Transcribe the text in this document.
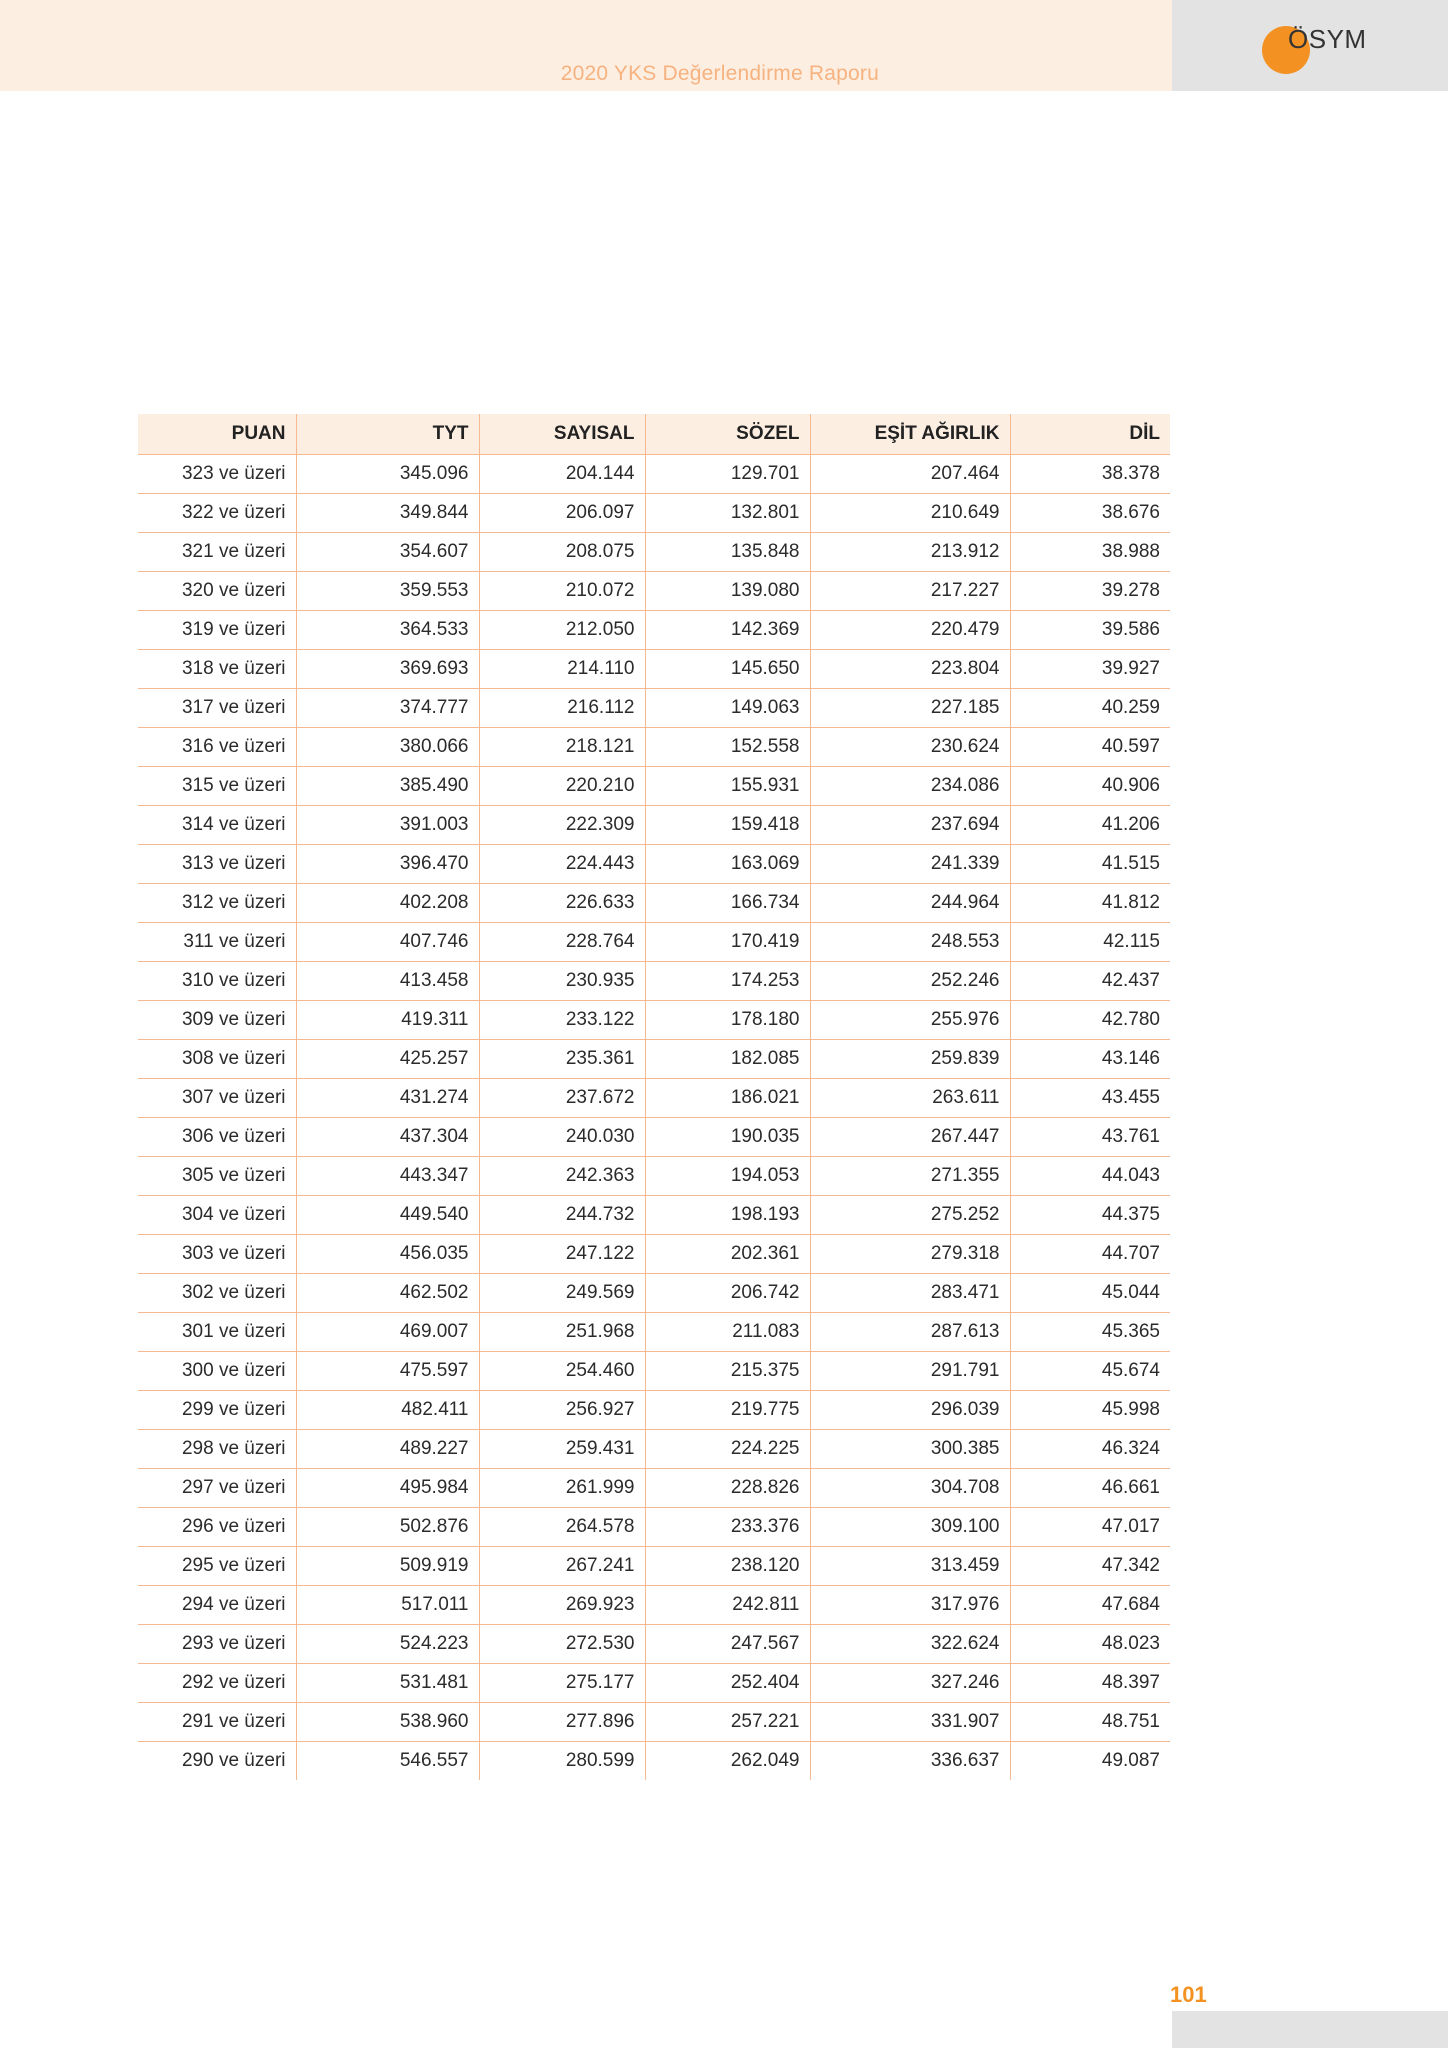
2020 YKS Değerlendirme Raporu
ÖSYM
PUAN	TYT	SAYISAL	SÖZEL	EŞİT AĞIRLIK	DİL
323 ve üzeri	345.096	204.144	129.701	207.464	38.378
322 ve üzeri	349.844	206.097	132.801	210.649	38.676
321 ve üzeri	354.607	208.075	135.848	213.912	38.988
320 ve üzeri	359.553	210.072	139.080	217.227	39.278
319 ve üzeri	364.533	212.050	142.369	220.479	39.586
318 ve üzeri	369.693	214.110	145.650	223.804	39.927
317 ve üzeri	374.777	216.112	149.063	227.185	40.259
316 ve üzeri	380.066	218.121	152.558	230.624	40.597
315 ve üzeri	385.490	220.210	155.931	234.086	40.906
314 ve üzeri	391.003	222.309	159.418	237.694	41.206
313 ve üzeri	396.470	224.443	163.069	241.339	41.515
312 ve üzeri	402.208	226.633	166.734	244.964	41.812
311 ve üzeri	407.746	228.764	170.419	248.553	42.115
310 ve üzeri	413.458	230.935	174.253	252.246	42.437
309 ve üzeri	419.311	233.122	178.180	255.976	42.780
308 ve üzeri	425.257	235.361	182.085	259.839	43.146
307 ve üzeri	431.274	237.672	186.021	263.611	43.455
306 ve üzeri	437.304	240.030	190.035	267.447	43.761
305 ve üzeri	443.347	242.363	194.053	271.355	44.043
304 ve üzeri	449.540	244.732	198.193	275.252	44.375
303 ve üzeri	456.035	247.122	202.361	279.318	44.707
302 ve üzeri	462.502	249.569	206.742	283.471	45.044
301 ve üzeri	469.007	251.968	211.083	287.613	45.365
300 ve üzeri	475.597	254.460	215.375	291.791	45.674
299 ve üzeri	482.411	256.927	219.775	296.039	45.998
298 ve üzeri	489.227	259.431	224.225	300.385	46.324
297 ve üzeri	495.984	261.999	228.826	304.708	46.661
296 ve üzeri	502.876	264.578	233.376	309.100	47.017
295 ve üzeri	509.919	267.241	238.120	313.459	47.342
294 ve üzeri	517.011	269.923	242.811	317.976	47.684
293 ve üzeri	524.223	272.530	247.567	322.624	48.023
292 ve üzeri	531.481	275.177	252.404	327.246	48.397
291 ve üzeri	538.960	277.896	257.221	331.907	48.751
290 ve üzeri	546.557	280.599	262.049	336.637	49.087
101
